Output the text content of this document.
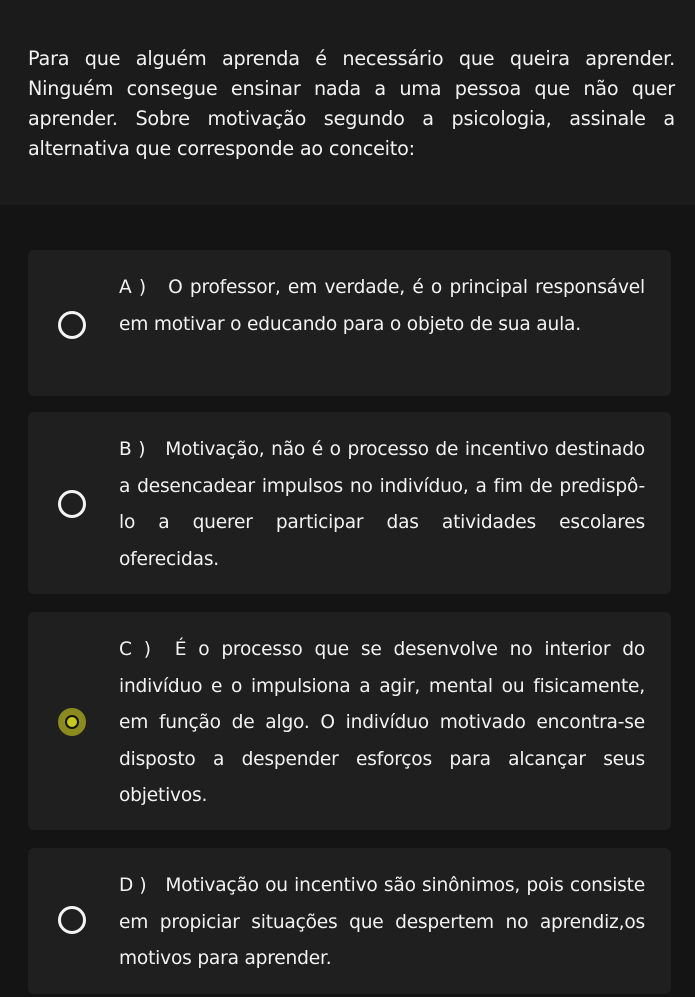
Para que alguém aprenda é necessário que queira aprender. Ninguém consegue ensinar nada a uma pessoa que não quer aprender. Sobre motivação segundo a psicologia, assinale a alternativa que corresponde ao conceito:

A ) O professor, em verdade, é o principal responsável em motivar o educando para o objeto de sua aula.
B ) Motivação, não é o processo de incentivo destinado a desencadear impulsos no indivíduo, a fim de predispô-lo a querer participar das atividades escolares oferecidas.
C ) É o processo que se desenvolve no interior do indivíduo e o impulsiona a agir, mental ou fisicamente, em função de algo. O indivíduo motivado encontra-se disposto a despender esforços para alcançar seus objetivos.
D ) Motivação ou incentivo são sinônimos, pois consiste em propiciar situações que despertem no aprendiz,os motivos para aprender.
